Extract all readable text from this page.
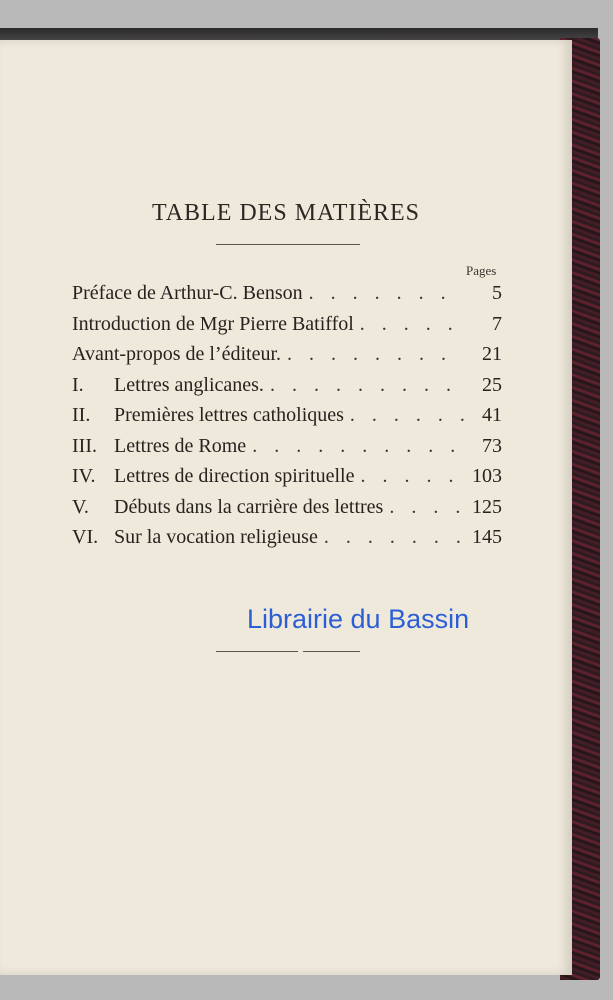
TABLE DES MATIÈRES
Pages
Préface de Arthur-C. Benson . . .	5
Introduction de Mgr Pierre Batiffol . . .	7
Avant-propos de l’éditeur. . . .	21
I.	Lettres anglicanes. . . .	25
II.	Premières lettres catholiques . . .	41
III. Lettres de Rome . . .	73
IV. Lettres de direction spirituelle . . .	103
V.	Débuts dans la carrière des lettres . . .	125
VI. Sur la vocation religieuse . . .	145
Librairie du Bassin
